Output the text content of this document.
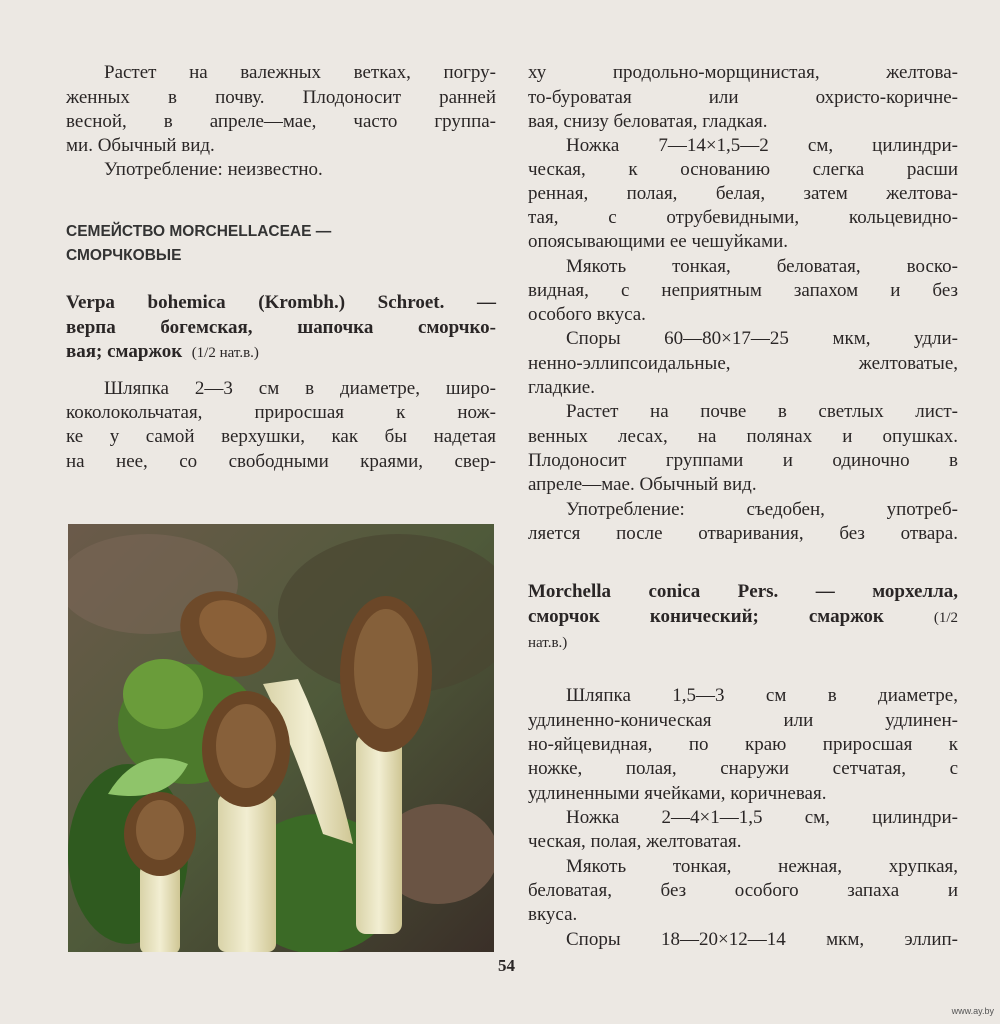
Растет на валежных ветках, погру-
женных в почву. Плодоносит ранней
весной, в апреле—мае, часто группа-
ми. Обычный вид.
Употребление: неизвестно.
СЕМЕЙСТВО MORCHELLACEAE —
СМОРЧКОВЫЕ
Verpa bohemica (Krombh.) Schroet. —
верпа богемская, шапочка сморчко-
вая; смаржок (1/2 нат.в.)
Шляпка 2—3 см в диаметре, широ-
коколокольчатая, приросшая к нож-
ке у самой верхушки, как бы надетая
на нее, со свободными краями, свер-
ху продольно-морщинистая, желтова-
то-буроватая или охристо-коричне-
вая, снизу беловатая, гладкая.
Ножка 7—14×1,5—2 см, цилиндри-
ческая, к основанию слегка расши
ренная, полая, белая, затем желтова-
тая, с отрубевидными, кольцевидно-
опоясывающими ее чешуйками.
Мякоть тонкая, беловатая, воско-
видная, с неприятным запахом и без
особого вкуса.
Споры 60—80×17—25 мкм, удли-
ненно-эллипсоидальные, желтоватые,
гладкие.
Растет на почве в светлых лист-
венных лесах, на полянах и опушках.
Плодоносит группами и одиночно в
апреле—мае. Обычный вид.
Употребление: съедобен, употреб-
ляется после отваривания, без отвара.
Morchella conica Pers. — морхелла,
сморчок конический; смаржок	(1/2
нат.в.)
Шляпка 1,5—3 см в диаметре,
удлиненно-коническая или удлинен-
но-яйцевидная, по краю приросшая к
ножке, полая, снаружи сетчатая, с
удлиненными ячейками, коричневая.
Ножка 2—4×1—1,5 см, цилиндри-
ческая, полая, желтоватая.
Мякоть тонкая, нежная, хрупкая,
беловатая, без особого запаха и
вкуса.
Споры 18—20×12—14 мкм, эллип-
54
www.ay.by
